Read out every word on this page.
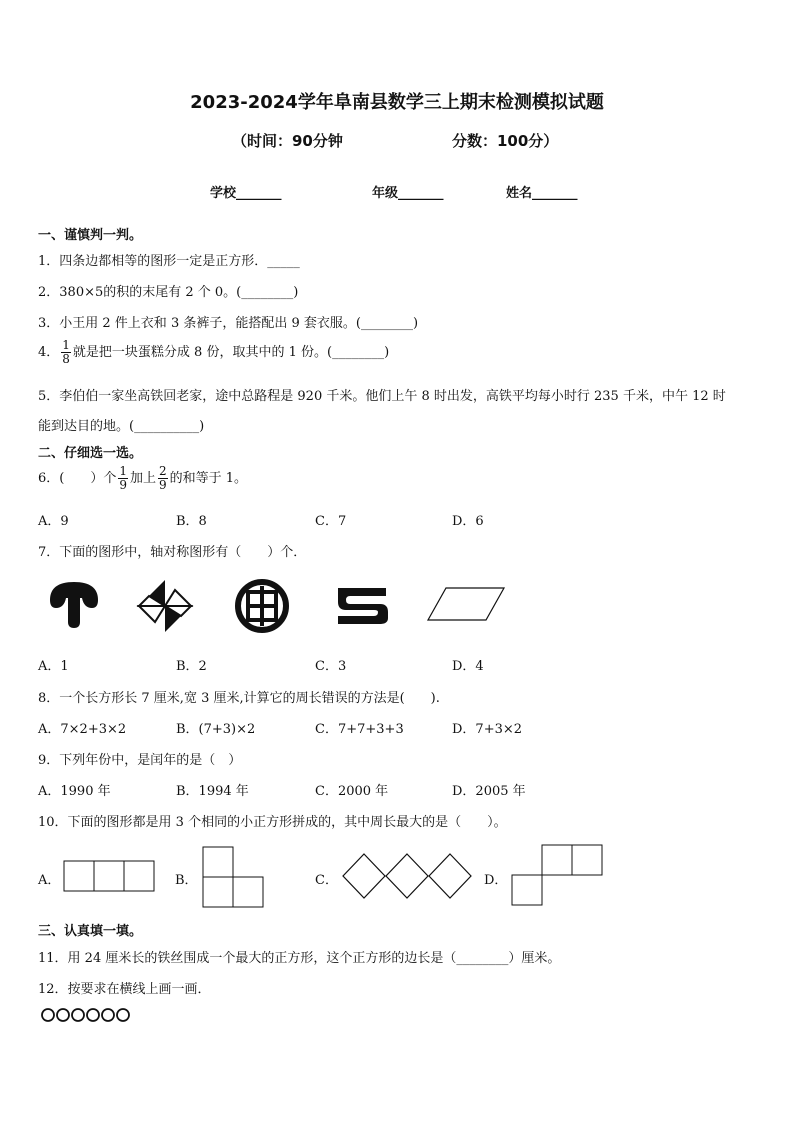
2023-2024学年阜南县数学三上期末检测模拟试题
（时间：90分钟	分数：100分）
学校_______	年级_______	姓名_______
一、谨慎判一判。
1．四条边都相等的图形一定是正方形．_____
2．380×5的积的末尾有 2 个 0。(________)
3．小王用 2 件上衣和 3 条裤子，能搭配出 9 套衣服。(________)
4． $\frac{1}{8}$ 就是把一块蛋糕分成 8 份，取其中的 1 份。(________)
5．李伯伯一家坐高铁回老家，途中总路程是 920 千米。他们上午 8 时出发，高铁平均每小时行 235 千米，中午 12 时
能到达目的地。(__________)
二、仔细选一选。
6．(　　）个 $\frac{1}{9}$ 加上 $\frac{2}{9}$ 的和等于 1。
A．9	B．8	C．7	D．6
7．下面的图形中，轴对称图形有（　　）个．
A．1	B．2	C．3	D．4
8．一个长方形长 7 厘米,宽 3 厘米,计算它的周长错误的方法是(　　).
A．7×2+3×2	B．(7+3)×2	C．7+7+3+3	D．7+3×2
9．下列年份中，是闰年的是（　）
A．1990 年	B．1994 年	C．2000 年	D．2005 年
10．下面的图形都是用 3 个相同的小正方形拼成的，其中周长最大的是（　　）。
A．	B．	C．	D．
三、认真填一填。
11．用 24 厘米长的铁丝围成一个最大的正方形，这个正方形的边长是（________）厘米。
12．按要求在横线上画一画．
